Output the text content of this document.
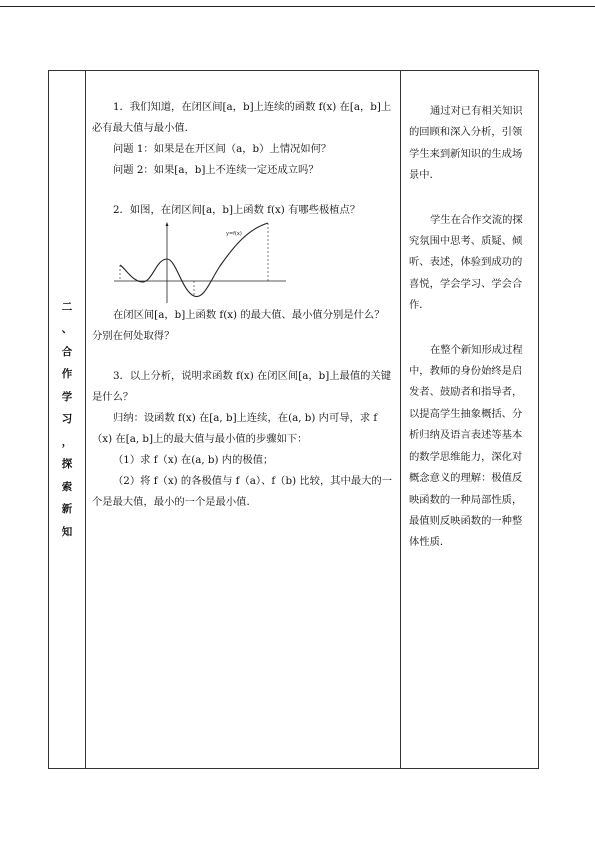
二
、
合
作
学
习
，
探
索
新
知

1．我们知道，在闭区间[a，b]上连续的函数 f(x) 在[a，b]上必有最大值与最小值．

问题 1：如果是在开区间（a，b）上情况如何？

问题 2：如果[a，b]上不连续一定还成立吗？

2．如图，在闭区间[a，b]上函数 f(x) 有哪些极植点？

y=f(x)

在闭区间[a，b]上函数 f(x) 的最大值、最小值分别是什么？分别在何处取得？

3．以上分析，说明求函数 f(x) 在闭区间[a，b]上最值的关键是什么？

归纳：设函数 f(x) 在[a, b]上连续，在(a, b) 内可导，求 f（x) 在[a, b]上的最大值与最小值的步骤如下：

（1）求 f（x) 在(a, b) 内的极值；

（2）将 f（x) 的各极值与 f（a）、f（b) 比较，其中最大的一个是最大值，最小的一个是最小值．

通过对已有相关知识的回顾和深入分析，引领学生来到新知识的生成场景中．

学生在合作交流的探究氛围中思考、质疑、倾听、表述，体验到成功的喜悦，学会学习、学会合作．

在整个新知形成过程中，教师的身份始终是启发者、鼓励者和指导者，以提高学生抽象概括、分析归纳及语言表述等基本的数学思维能力，深化对概念意义的理解：极值反映函数的一种局部性质，最值则反映函数的一种整体性质．
